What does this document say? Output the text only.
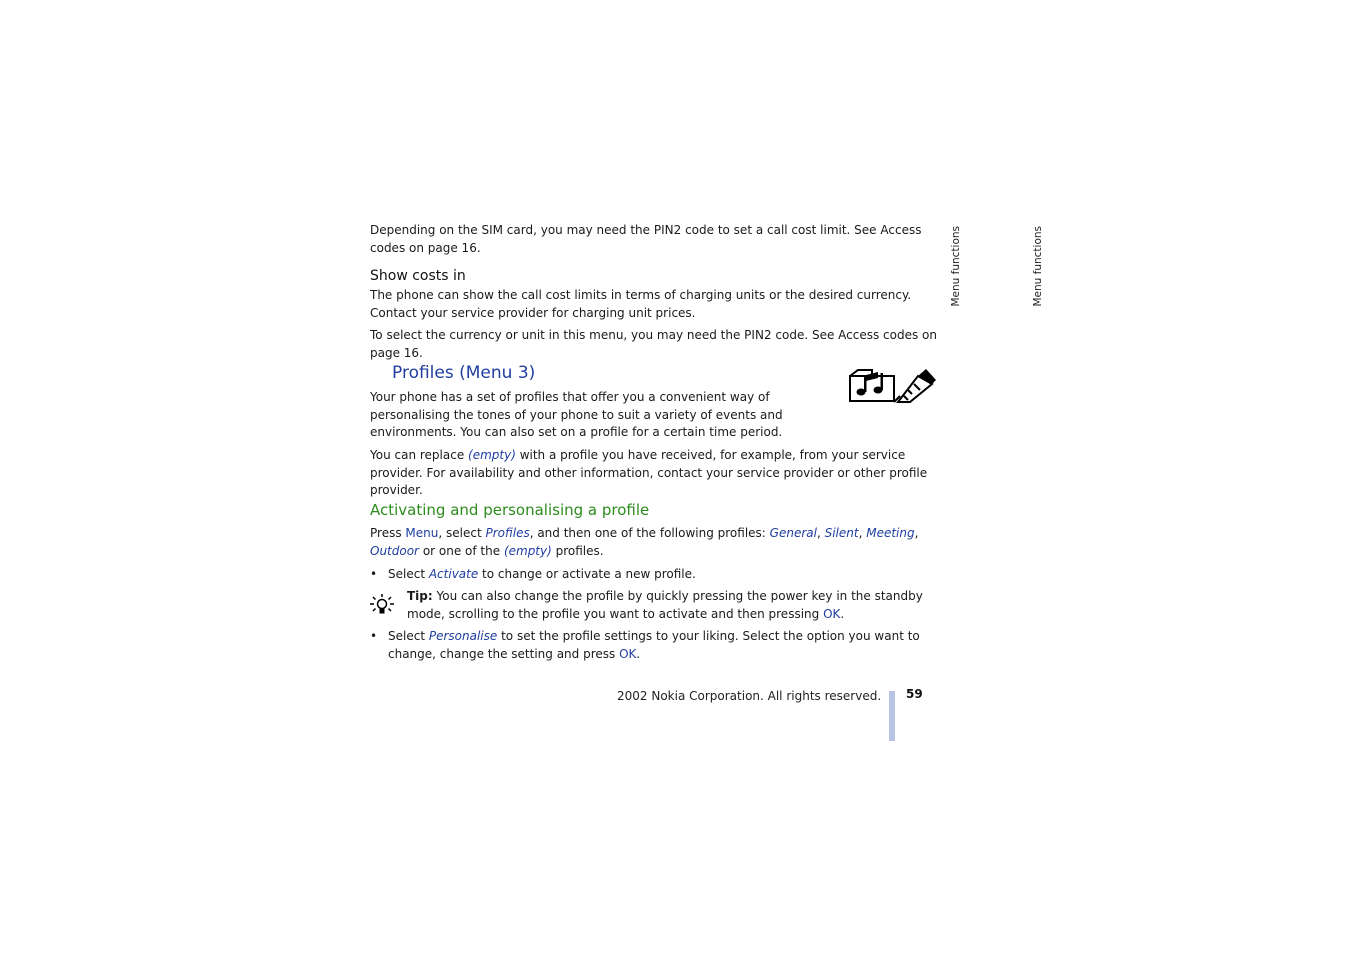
Depending on the SIM card, you may need the PIN2 code to set a call cost limit. See Access codes on page 16.

Show costs in

The phone can show the call cost limits in terms of charging units or the desired currency. Contact your service provider for charging unit prices.

To select the currency or unit in this menu, you may need the PIN2 code. See Access codes on page 16.

Profiles (Menu 3)

Your phone has a set of profiles that offer you a convenient way of personalising the tones of your phone to suit a variety of events and environments. You can also set on a profile for a certain time period.

You can replace (empty) with a profile you have received, for example, from your service provider. For availability and other information, contact your service provider or other profile provider.

Activating and personalising a profile

Press Menu, select Profiles, and then one of the following profiles: General, Silent, Meeting, Outdoor or one of the (empty) profiles.

• Select Activate to change or activate a new profile.

Tip: You can also change the profile by quickly pressing the power key in the standby mode, scrolling to the profile you want to activate and then pressing OK.

• Select Personalise to set the profile settings to your liking. Select the option you want to change, change the setting and press OK.

Menu functions	Menu functions
2002 Nokia Corporation. All rights reserved. 59
